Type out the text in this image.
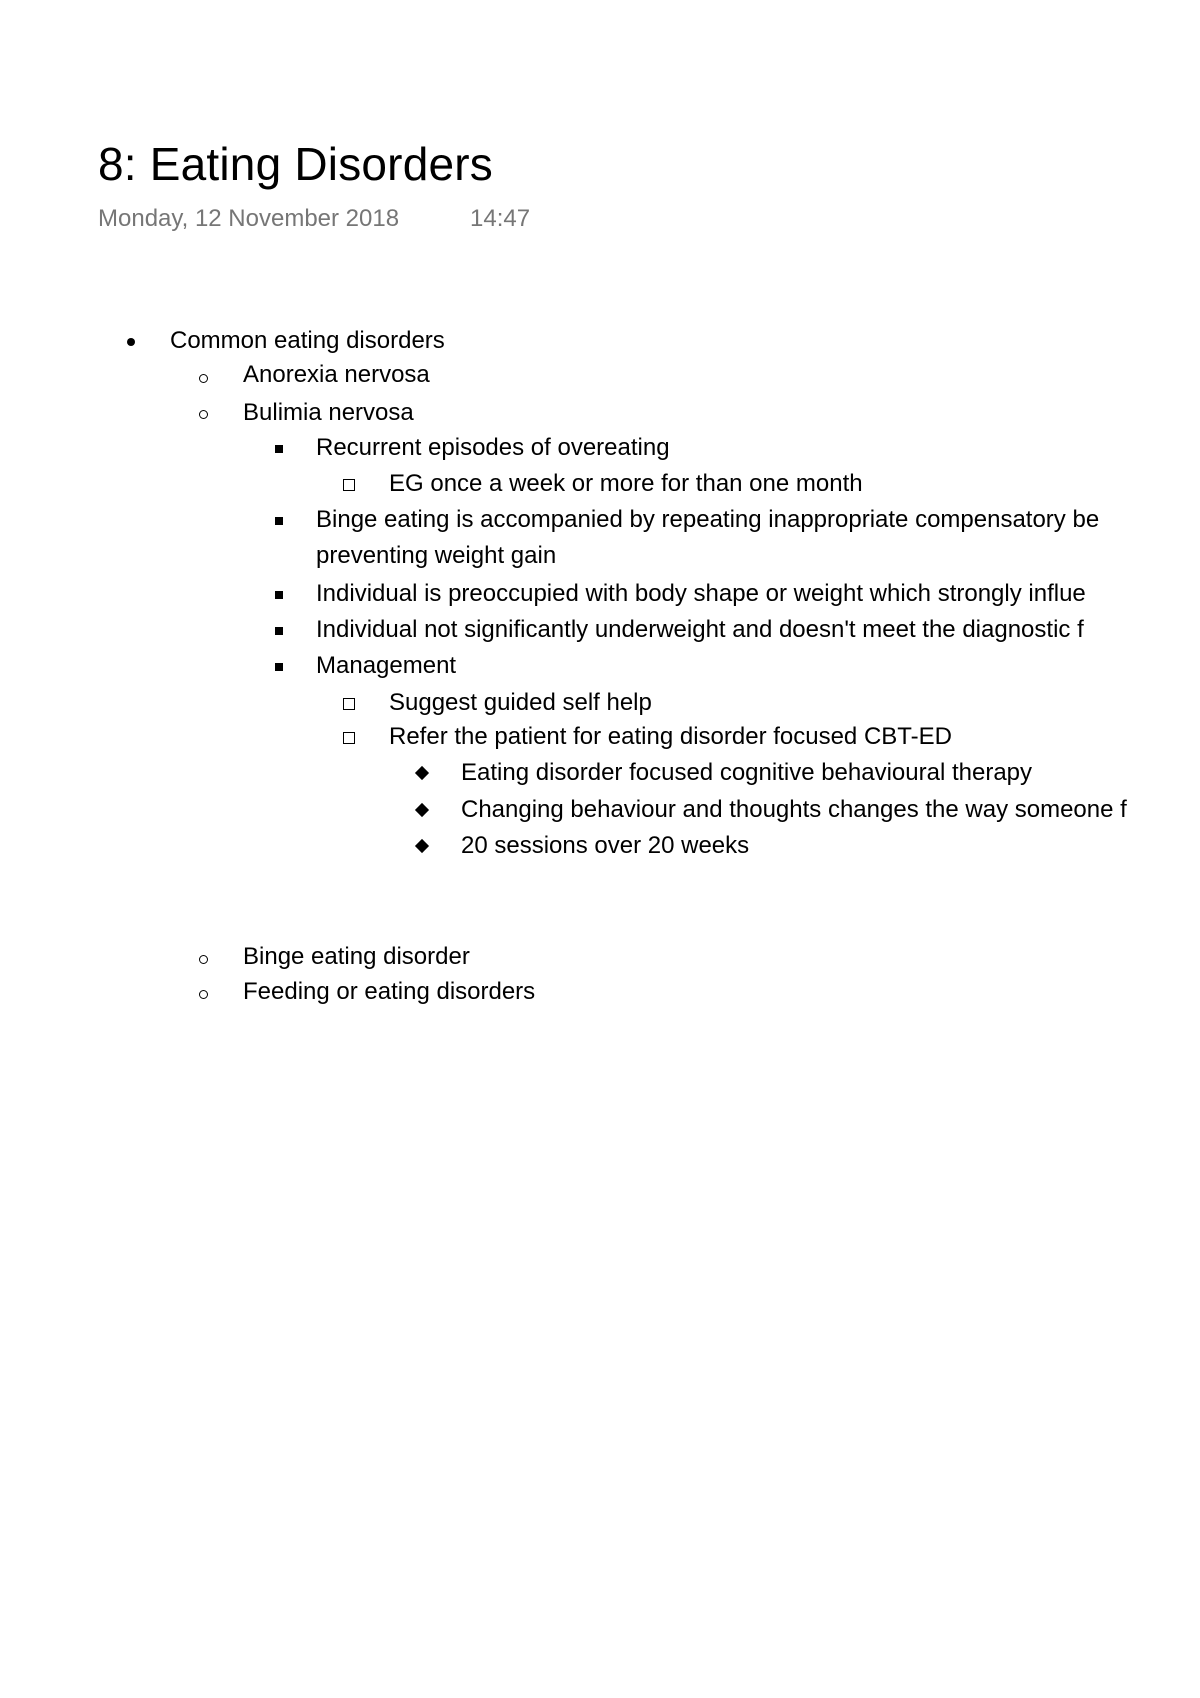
8: Eating Disorders
Monday, 12 November 2018	14:47
Common eating disorders
Anorexia nervosa
Bulimia nervosa
Recurrent episodes of overeating
EG once a week or more for than one month
Binge eating is accompanied by repeating inappropriate compensatory be
preventing weight gain
Individual is preoccupied with body shape or weight which strongly influe
Individual not significantly underweight and doesn't meet the diagnostic f
Management
Suggest guided self help
Refer the patient for eating disorder focused CBT-ED
Eating disorder focused cognitive behavioural therapy
Changing behaviour and thoughts changes the way someone f
20 sessions over 20 weeks
Binge eating disorder
Feeding or eating disorders
